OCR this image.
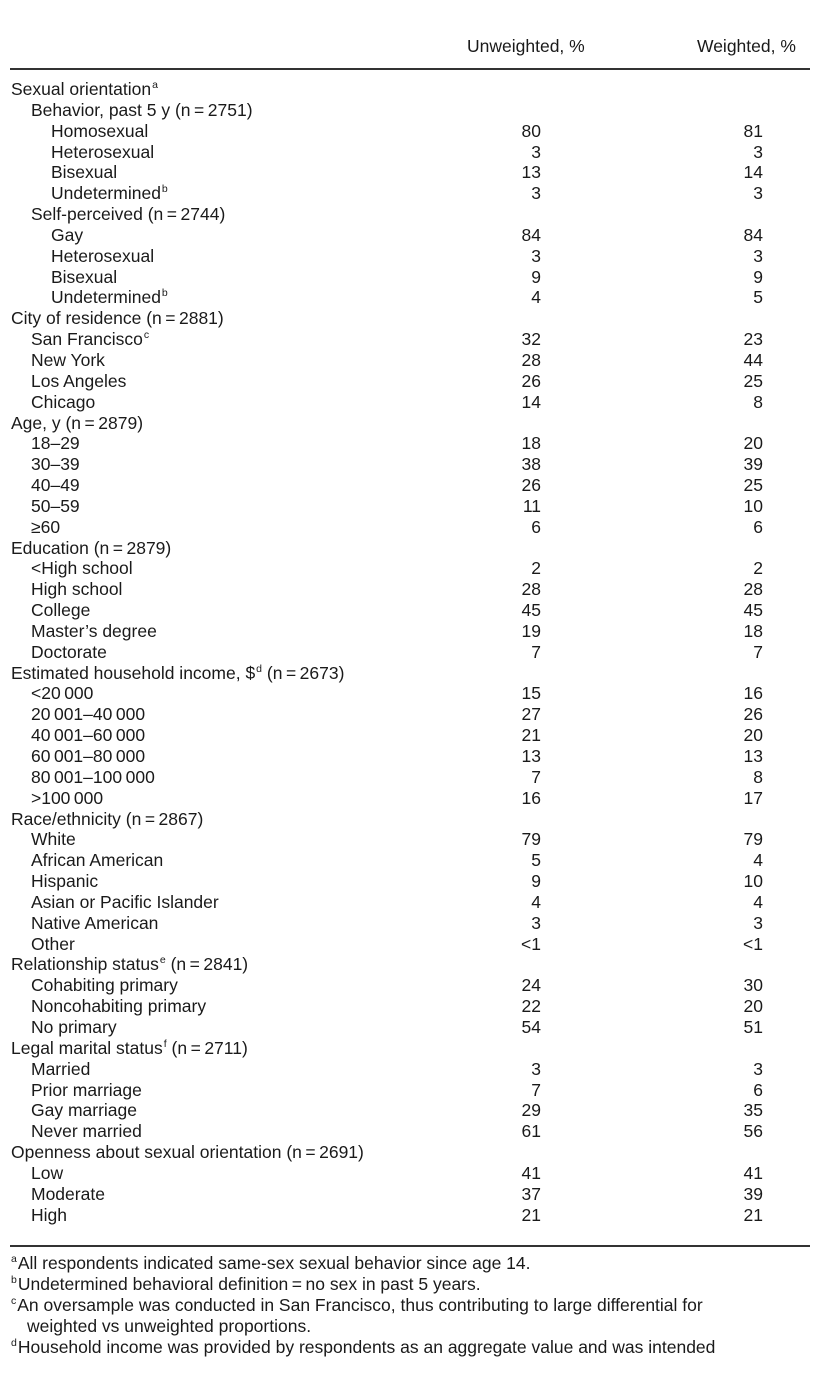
Unweighted, %	Weighted, %
Sexual orientation$^a$
Behavior, past 5 y (n = 2751)
Homosexual	80	81
Heterosexual	3	3
Bisexual	13	14
Undetermined$^b$	3	3
Self-perceived (n = 2744)
Gay	84	84
Heterosexual	3	3
Bisexual	9	9
Undetermined$^b$	4	5
City of residence (n = 2881)
San Francisco$^c$	32	23
New York	28	44
Los Angeles	26	25
Chicago	14	8
Age, y (n = 2879)
18–29	18	20
30–39	38	39
40–49	26	25
50–59	11	10
≥60	6	6
Education (n = 2879)
<High school	2	2
High school	28	28
College	45	45
Master’s degree	19	18
Doctorate	7	7
Estimated household income, \$$^d$ (n = 2673)
<20 000	15	16
20 001–40 000	27	26
40 001–60 000	21	20
60 001–80 000	13	13
80 001–100 000	7	8
>100 000	16	17
Race/ethnicity (n = 2867)
White	79	79
African American	5	4
Hispanic	9	10
Asian or Pacific Islander	4	4
Native American	3	3
Other	<1	<1
Relationship status$^e$ (n = 2841)
Cohabiting primary	24	30
Noncohabiting primary	22	20
No primary	54	51
Legal marital status$^f$ (n = 2711)
Married	3	3
Prior marriage	7	6
Gay marriage	29	35
Never married	61	56
Openness about sexual orientation (n = 2691)
Low	41	41
Moderate	37	39
High	21	21
$^a$All respondents indicated same-sex sexual behavior since age 14.
$^b$Undetermined behavioral definition = no sex in past 5 years.
$^c$An oversample was conducted in San Francisco, thus contributing to large differential for
weighted vs unweighted proportions.
$^d$Household income was provided by respondents as an aggregate value and was intended
